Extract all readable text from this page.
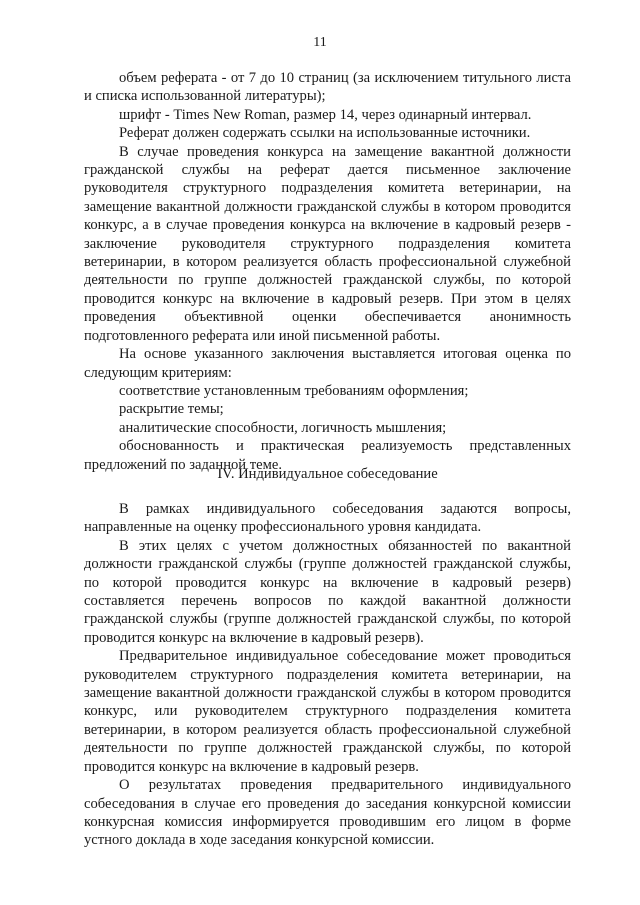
11

объем реферата - от 7 до 10 страниц (за исключением титульного листа и списка использованной литературы);

шрифт - Times New Roman, размер 14, через одинарный интервал.

Реферат должен содержать ссылки на использованные источники.

В случае проведения конкурса на замещение вакантной должности гражданской службы на реферат дается письменное заключение руководителя структурного подразделения комитета ветеринарии, на замещение вакантной должности гражданской службы в котором проводится конкурс, а в случае проведения конкурса на включение в кадровый резерв - заключение руководителя структурного подразделения комитета ветеринарии, в котором реализуется область профессиональной служебной деятельности по группе должностей гражданской службы, по которой проводится конкурс на включение в кадровый резерв. При этом в целях проведения объективной оценки обеспечивается анонимность подготовленного реферата или иной письменной работы.

На основе указанного заключения выставляется итоговая оценка по следующим критериям:

соответствие установленным требованиям оформления;

раскрытие темы;

аналитические способности, логичность мышления;

обоснованность и практическая реализуемость представленных предложений по заданной теме.

IV. Индивидуальное собеседование

В рамках индивидуального собеседования задаются вопросы, направленные на оценку профессионального уровня кандидата.

В этих целях с учетом должностных обязанностей по вакантной должности гражданской службы (группе должностей гражданской службы, по которой проводится конкурс на включение в кадровый резерв) составляется перечень вопросов по каждой вакантной должности гражданской службы (группе должностей гражданской службы, по которой проводится конкурс на включение в кадровый резерв).

Предварительное индивидуальное собеседование может проводиться руководителем структурного подразделения комитета ветеринарии, на замещение вакантной должности гражданской службы в котором проводится конкурс, или руководителем структурного подразделения комитета ветеринарии, в котором реализуется область профессиональной служебной деятельности по группе должностей гражданской службы, по которой проводится конкурс на включение в кадровый резерв.

О результатах проведения предварительного индивидуального собеседования в случае его проведения до заседания конкурсной комиссии конкурсная комиссия информируется проводившим его лицом в форме устного доклада в ходе заседания конкурсной комиссии.
